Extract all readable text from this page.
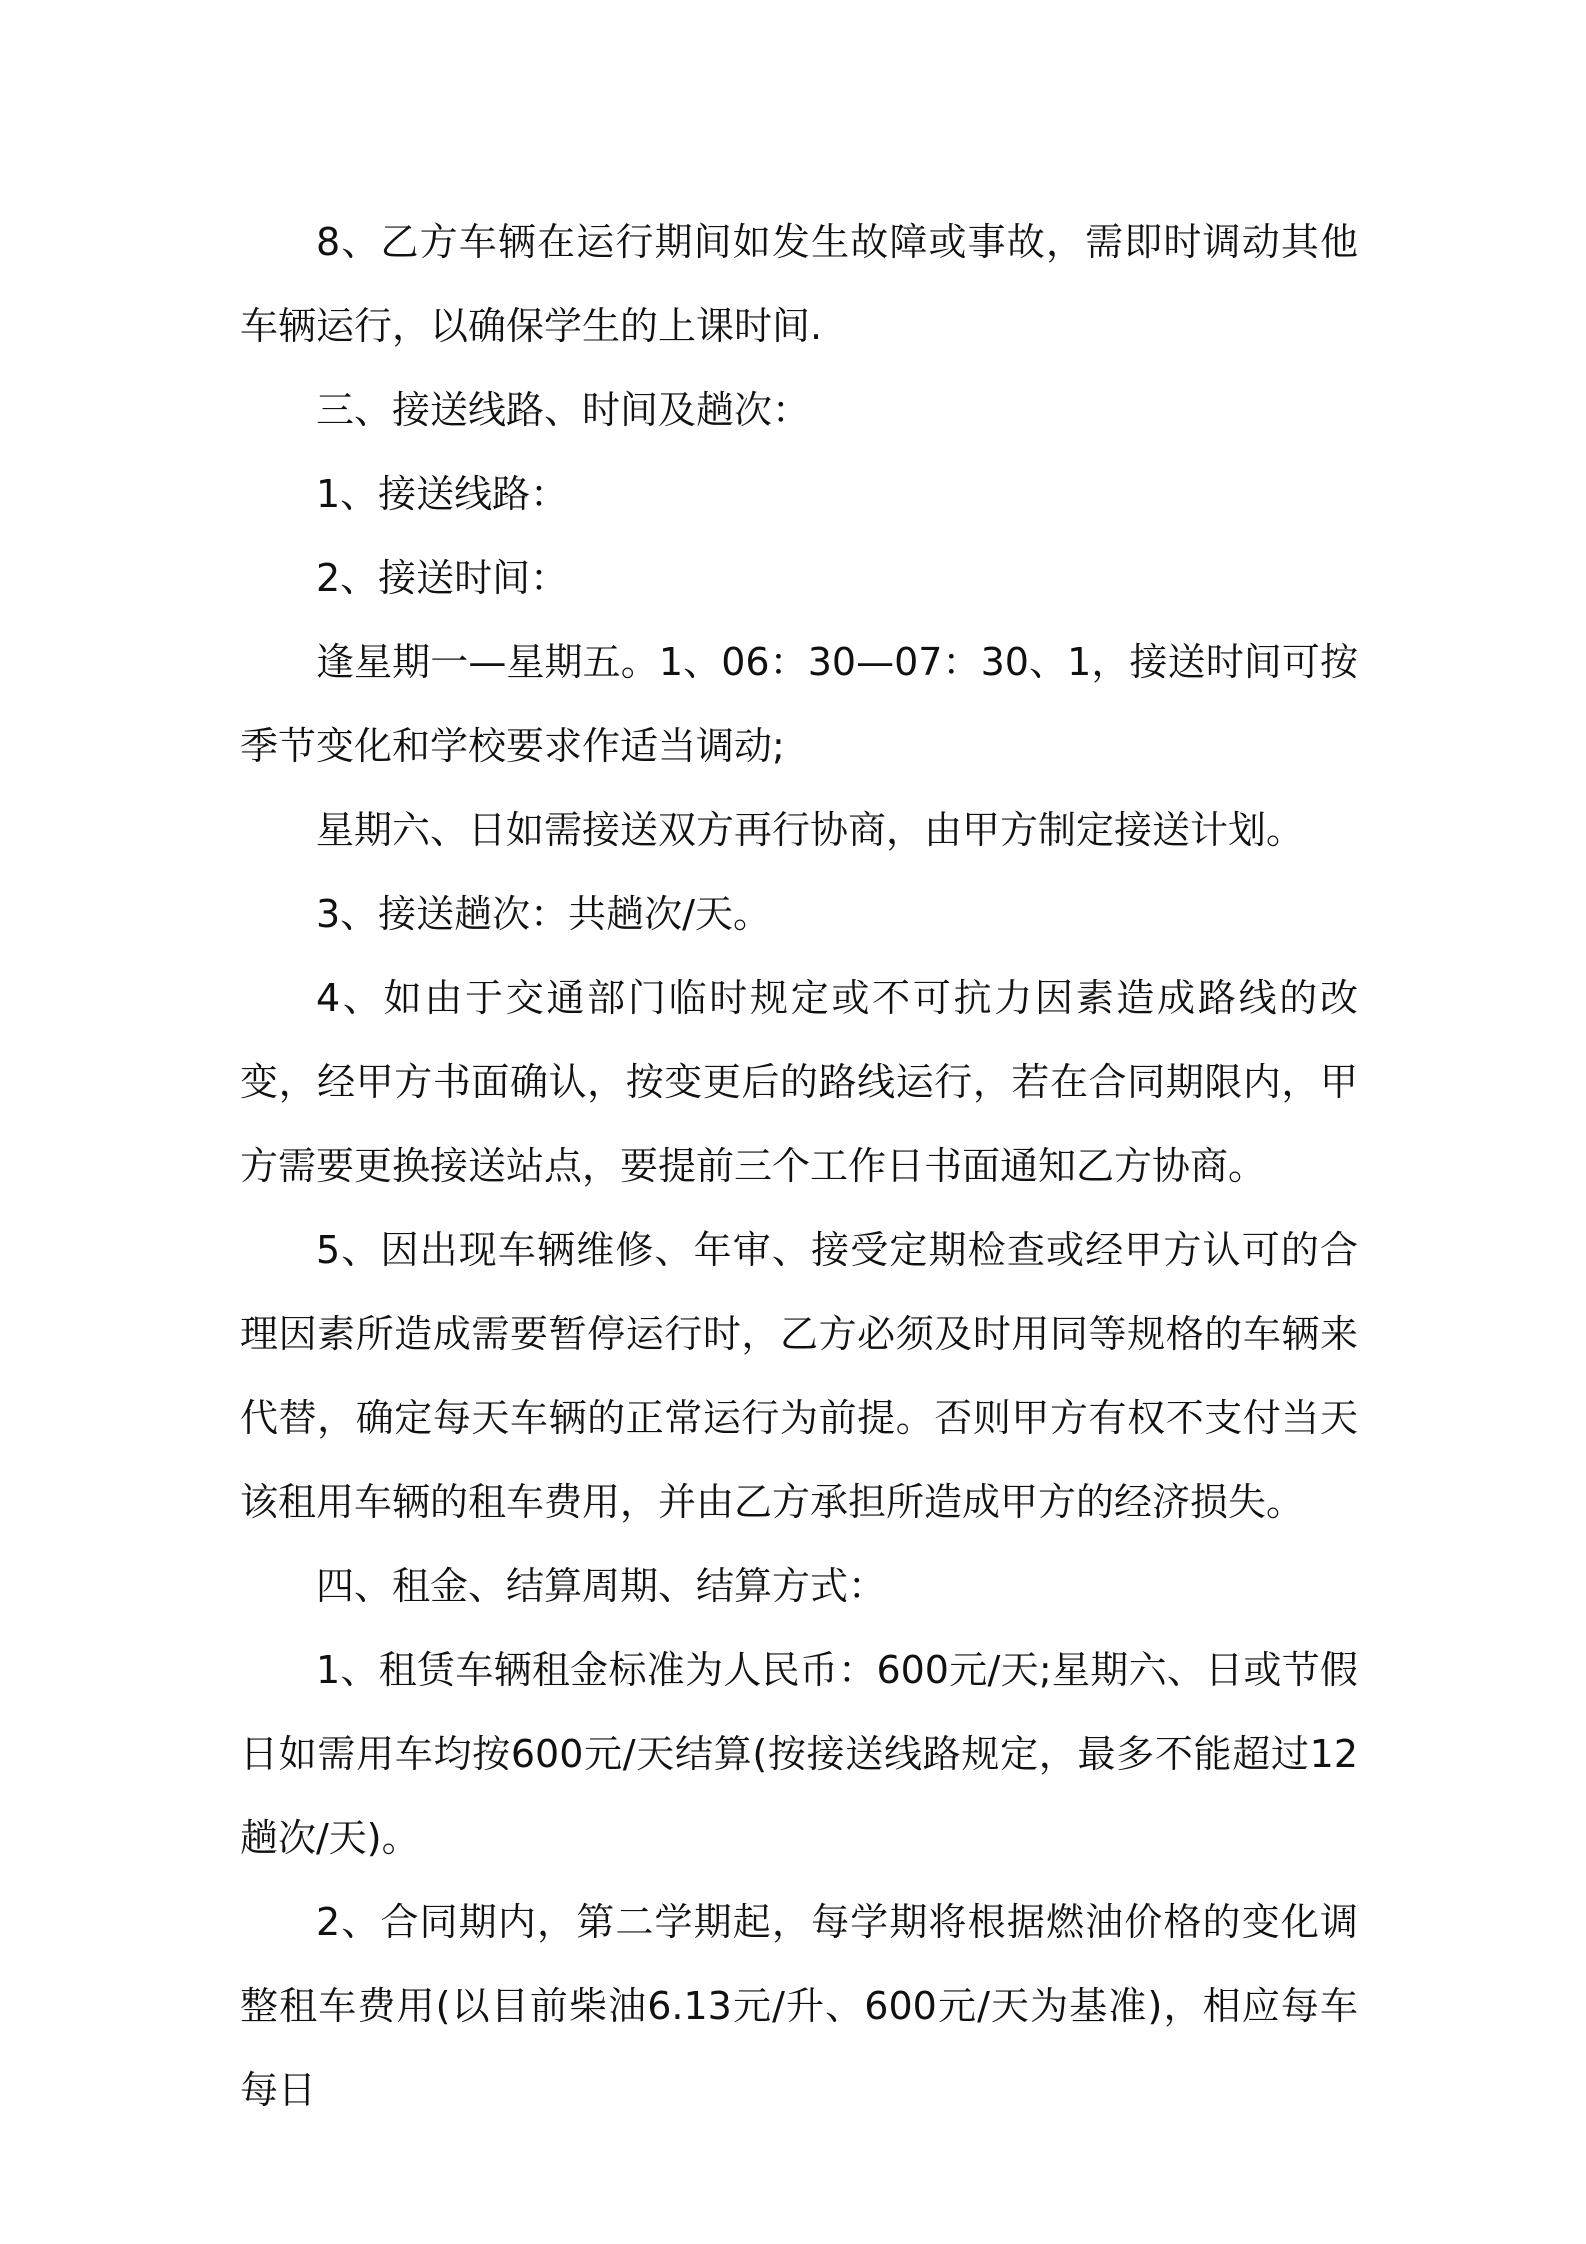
8、乙方车辆在运行期间如发生故障或事故，需即时调动其他车辆运行，以确保学生的上课时间.

三、接送线路、时间及趟次：

1、接送线路：

2、接送时间：

逢星期一—星期五。1、06：30—07：30、1，接送时间可按季节变化和学校要求作适当调动;

星期六、日如需接送双方再行协商，由甲方制定接送计划。

3、接送趟次：共趟次/天。

4、如由于交通部门临时规定或不可抗力因素造成路线的改变，经甲方书面确认，按变更后的路线运行，若在合同期限内，甲方需要更换接送站点，要提前三个工作日书面通知乙方协商。

5、因出现车辆维修、年审、接受定期检查或经甲方认可的合理因素所造成需要暂停运行时，乙方必须及时用同等规格的车辆来代替，确定每天车辆的正常运行为前提。否则甲方有权不支付当天该租用车辆的租车费用，并由乙方承担所造成甲方的经济损失。

四、租金、结算周期、结算方式：

1、租赁车辆租金标准为人民币：600元/天;星期六、日或节假日如需用车均按600元/天结算(按接送线路规定，最多不能超过12趟次/天)。

2、合同期内，第二学期起，每学期将根据燃油价格的变化调整租车费用(以目前柴油6.13元/升、600元/天为基准)，相应每车每日
